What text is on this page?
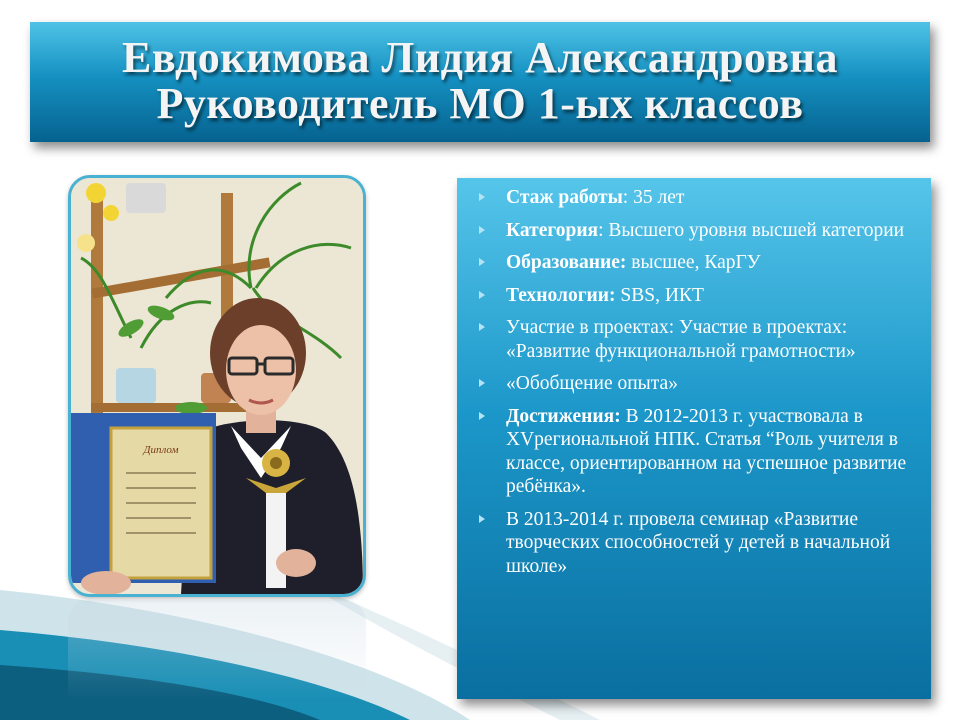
Евдокимова Лидия Александровна
Руководитель МО 1-ых классов
Диплом
Стаж работы: 35 лет
Категория: Высшего уровня высшей категории
Образование: высшее, КарГУ
Технологии: SBS, ИКТ
Участие в проектах: Участие в проектах: «Развитие функциональной грамотности»
«Обобщение опыта»
Достижения: В 2012-2013 г. участвовала в XVрегиональной НПК. Статья “Роль учителя в классе, ориентированном на успешное развитие ребёнка».
В 2013-2014 г. провела семинар «Развитие творческих способностей у детей в начальной школе»
